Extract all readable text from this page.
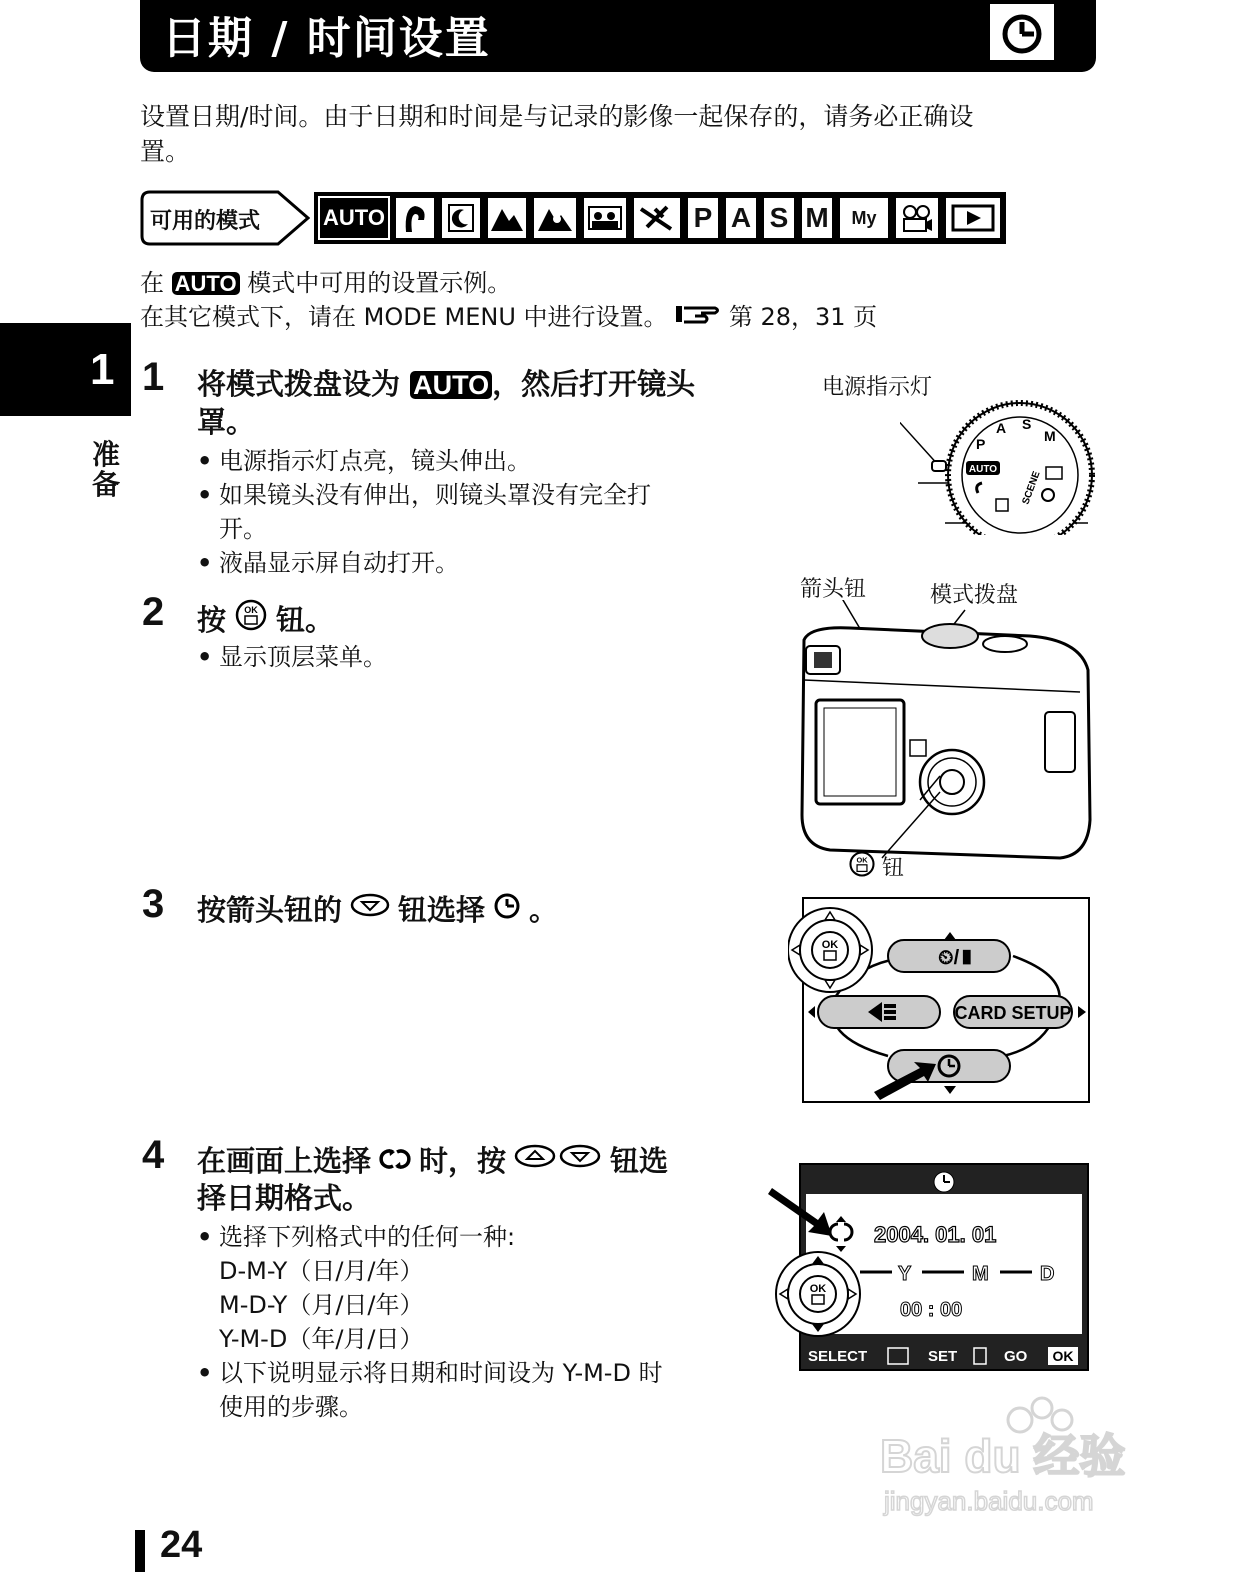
日期 / 时间设置
设置日期/时间。由于日期和时间是与记录的影像一起保存的，请务必正确设
置。
可用的模式	AUTO	P A S M	My
在 AUTO 模式中可用的设置示例。
在其它模式下，请在 MODE MENU 中进行设置。	第 28，31 页
1
准备
1 将模式拨盘设为 AUTO ，然后打开镜头
罩。
• 电源指示灯点亮，镜头伸出。
• 如果镜头没有伸出，则镜头罩没有完全打
开。
• 液晶显示屏自动打开。
2 按 OK 钮。
• 显示顶层菜单。
3 按箭头钮的 钮选择 。
4 在画面上选择 时，按	钮选
择日期格式。
• 选择下列格式中的任何一种:
D-M-Y（日/月/年）
M-D-Y（月/日/年）
Y-M-D（年/月/日）
• 以下说明显示将日期和时间设为 Y-M-D 时
使用的步骤。
电源指示灯
AUTO
P
A S
M
SCENE
箭头钮	模式拨盘
OK 钮
⏲/▮
CARD SETUP
OK
2004. 01. 01
Y	M	D
00 : 00
SELECT	SET	GO OK
OK
Bai du 经验
jingyan.baidu.com
24
